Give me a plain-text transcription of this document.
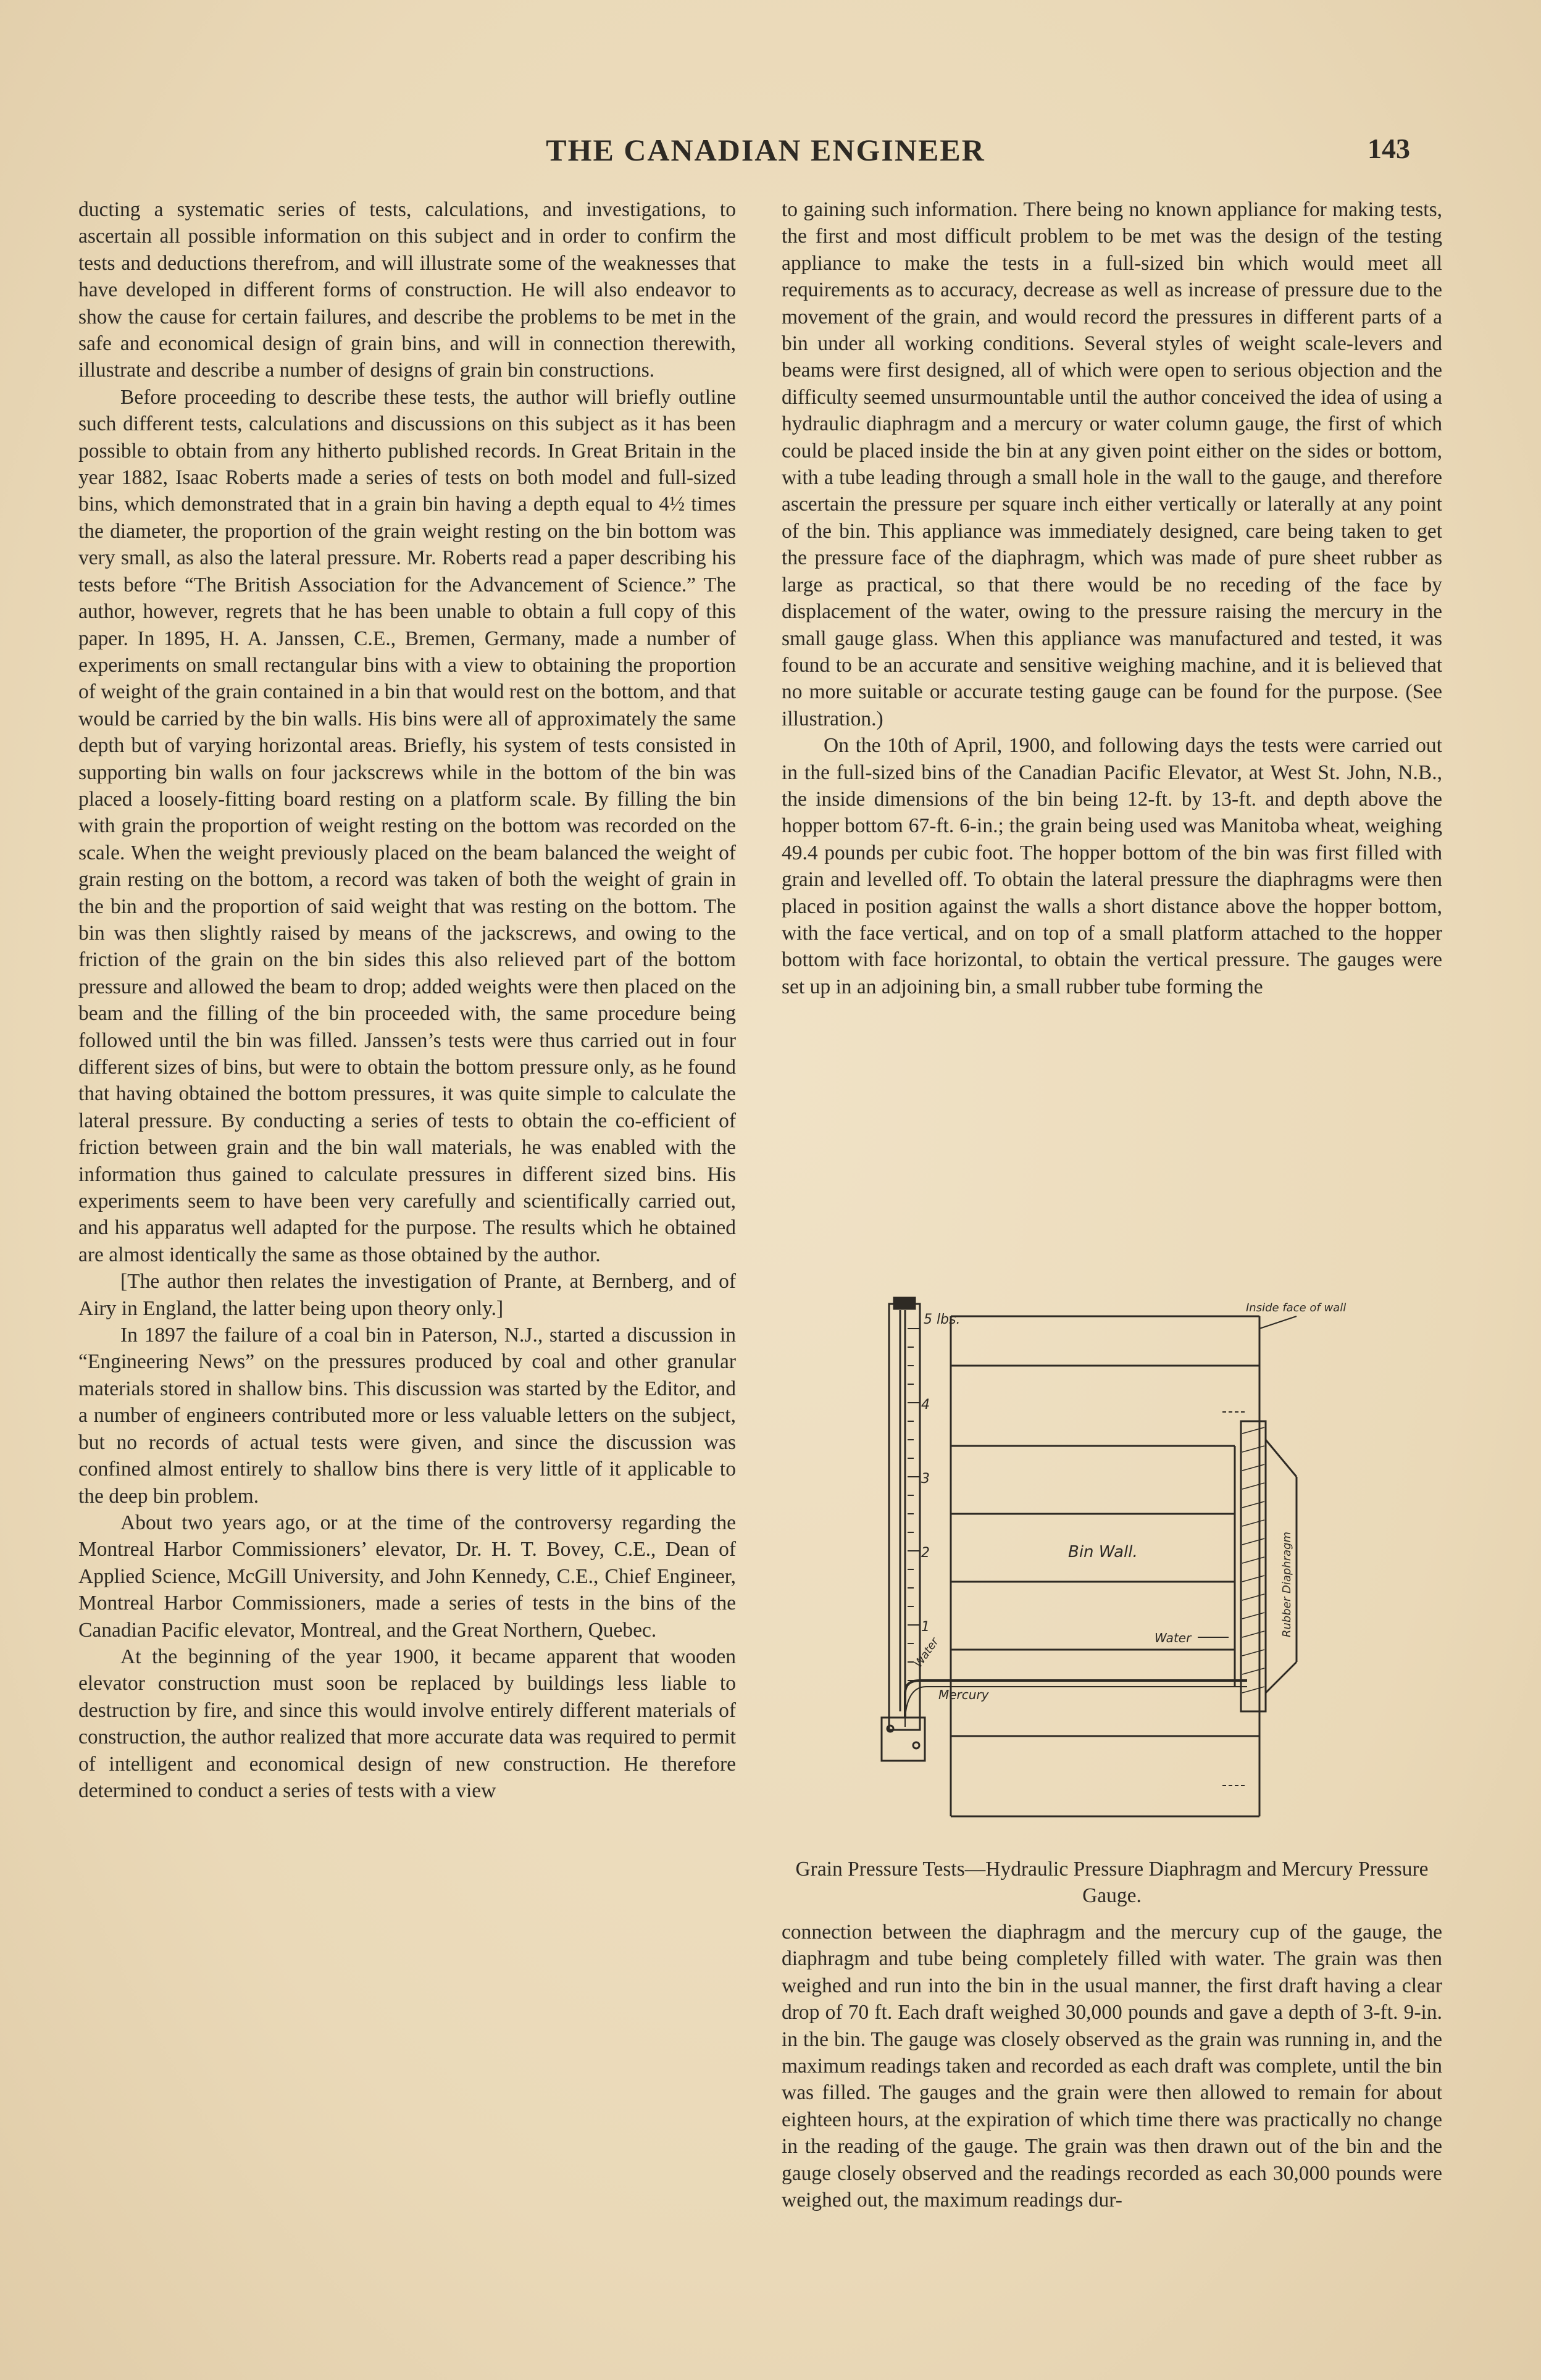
THE CANADIAN ENGINEER	143

ducting a systematic series of tests, calculations, and investigations, to ascertain all possible information on this subject and in order to confirm the tests and deductions therefrom, and will illustrate some of the weaknesses that have developed in different forms of construction. He will also endeavor to show the cause for certain failures, and describe the problems to be met in the safe and economical design of grain bins, and will in connection therewith, illustrate and describe a number of designs of grain bin constructions.

Before proceeding to describe these tests, the author will briefly outline such different tests, calculations and discussions on this subject as it has been possible to obtain from any hitherto published records. In Great Britain in the year 1882, Isaac Roberts made a series of tests on both model and full-sized bins, which demonstrated that in a grain bin having a depth equal to 4½ times the diameter, the proportion of the grain weight resting on the bin bottom was very small, as also the lateral pressure. Mr. Roberts read a paper describing his tests before “The British Association for the Advancement of Science.” The author, however, regrets that he has been unable to obtain a full copy of this paper. In 1895, H. A. Janssen, C.E., Bremen, Germany, made a number of experiments on small rectangular bins with a view to obtaining the proportion of weight of the grain contained in a bin that would rest on the bottom, and that would be carried by the bin walls. His bins were all of approximately the same depth but of varying horizontal areas. Briefly, his system of tests consisted in supporting bin walls on four jackscrews while in the bottom of the bin was placed a loosely-fitting board resting on a platform scale. By filling the bin with grain the proportion of weight resting on the bottom was recorded on the scale. When the weight previously placed on the beam balanced the weight of grain resting on the bottom, a record was taken of both the weight of grain in the bin and the proportion of said weight that was resting on the bottom. The bin was then slightly raised by means of the jackscrews, and owing to the friction of the grain on the bin sides this also relieved part of the bottom pressure and allowed the beam to drop; added weights were then placed on the beam and the filling of the bin proceeded with, the same procedure being followed until the bin was filled. Janssen’s tests were thus carried out in four different sizes of bins, but were to obtain the bottom pressure only, as he found that having obtained the bottom pressures, it was quite simple to calculate the lateral pressure. By conducting a series of tests to obtain the co-efficient of friction between grain and the bin wall materials, he was enabled with the information thus gained to calculate pressures in different sized bins. His experiments seem to have been very carefully and scientifically carried out, and his apparatus well adapted for the purpose. The results which he obtained are almost identically the same as those obtained by the author.

[The author then relates the investigation of Prante, at Bernberg, and of Airy in England, the latter being upon theory only.]

In 1897 the failure of a coal bin in Paterson, N.J., started a discussion in “Engineering News” on the pressures produced by coal and other granular materials stored in shallow bins. This discussion was started by the Editor, and a number of engineers contributed more or less valuable letters on the subject, but no records of actual tests were given, and since the discussion was confined almost entirely to shallow bins there is very little of it applicable to the deep bin problem.

About two years ago, or at the time of the controversy regarding the Montreal Harbor Commissioners’ elevator, Dr. H. T. Bovey, C.E., Dean of Applied Science, McGill University, and John Kennedy, C.E., Chief Engineer, Montreal Harbor Commissioners, made a series of tests in the bins of the Canadian Pacific elevator, Montreal, and the Great Northern, Quebec.

At the beginning of the year 1900, it became apparent that wooden elevator construction must soon be replaced by buildings less liable to destruction by fire, and since this would involve entirely different materials of construction, the author realized that more accurate data was required to permit of intelligent and economical design of new construction. He therefore determined to conduct a series of tests with a view

to gaining such information. There being no known appliance for making tests, the first and most difficult problem to be met was the design of the testing appliance to make the tests in a full-sized bin which would meet all requirements as to accuracy, decrease as well as increase of pressure due to the movement of the grain, and would record the pressures in different parts of a bin under all working conditions. Several styles of weight scale-levers and beams were first designed, all of which were open to serious objection and the difficulty seemed unsurmountable until the author conceived the idea of using a hydraulic diaphragm and a mercury or water column gauge, the first of which could be placed inside the bin at any given point either on the sides or bottom, with a tube leading through a small hole in the wall to the gauge, and therefore ascertain the pressure per square inch either vertically or laterally at any point of the bin. This appliance was immediately designed, care being taken to get the pressure face of the diaphragm, which was made of pure sheet rubber as large as practical, so that there would be no receding of the face by displacement of the water, owing to the pressure raising the mercury in the small gauge glass. When this appliance was manufactured and tested, it was found to be an accurate and sensitive weighing machine, and it is believed that no more suitable or accurate testing gauge can be found for the purpose. (See illustration.)

On the 10th of April, 1900, and following days the tests were carried out in the full-sized bins of the Canadian Pacific Elevator, at West St. John, N.B., the inside dimensions of the bin being 12-ft. by 13-ft. and depth above the hopper bottom 67-ft. 6-in.; the grain being used was Manitoba wheat, weighing 49.4 pounds per cubic foot. The hopper bottom of the bin was first filled with grain and levelled off. To obtain the lateral pressure the diaphragms were then placed in position against the walls a short distance above the hopper bottom, with the face vertical, and on top of a small platform attached to the hopper bottom with face horizontal, to obtain the vertical pressure. The gauges were set up in an adjoining bin, a small rubber tube forming the

5 lbs.
4
3
2
1
Inside face of wall
Bin Wall.
Water
Mercury
Rubber Diaphragm
Water
Grain Pressure Tests—Hydraulic Pressure Diaphragm and Mercury Pressure Gauge.

connection between the diaphragm and the mercury cup of the gauge, the diaphragm and tube being completely filled with water. The grain was then weighed and run into the bin in the usual manner, the first draft having a clear drop of 70 ft. Each draft weighed 30,000 pounds and gave a depth of 3-ft. 9-in. in the bin. The gauge was closely observed as the grain was running in, and the maximum readings taken and recorded as each draft was complete, until the bin was filled. The gauges and the grain were then allowed to remain for about eighteen hours, at the expiration of which time there was practically no change in the reading of the gauge. The grain was then drawn out of the bin and the gauge closely observed and the readings recorded as each 30,000 pounds were weighed out, the maximum readings dur-
